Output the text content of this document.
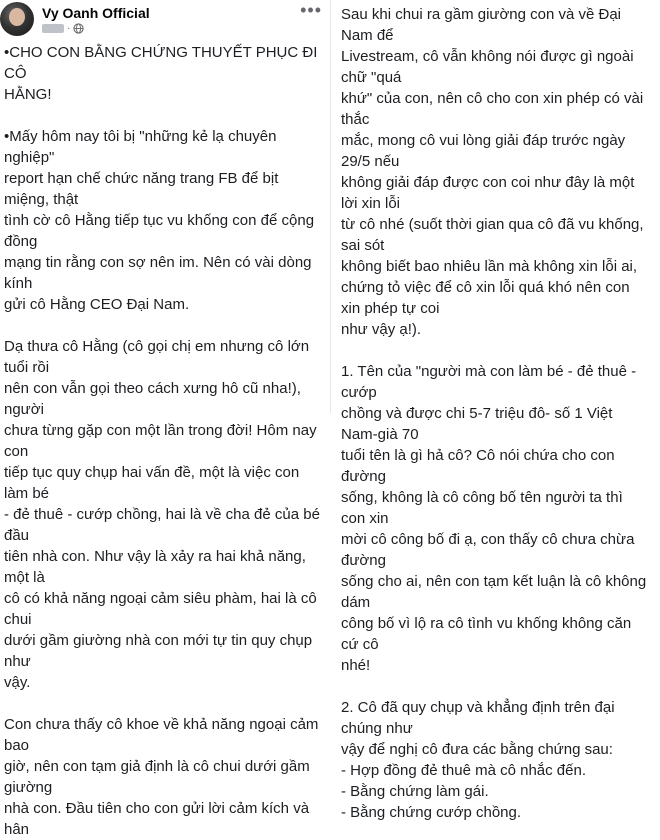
Vy Oanh Official
·
•••

•CHO CON BẰNG CHỨNG THUYẾT PHỤC ĐI CÔ
HẰNG!

•Mấy hôm nay tôi bị "những kẻ lạ chuyên nghiệp"
report hạn chế chức năng trang FB để bịt miệng, thật
tình cờ cô Hằng tiếp tục vu khống con để cộng đồng
mạng tin rằng con sợ nên im. Nên có vài dòng kính
gửi cô Hằng CEO Đại Nam.

Dạ thưa cô Hằng (cô gọi chị em nhưng cô lớn tuổi rồi
nên con vẫn gọi theo cách xưng hô cũ nha!), người
chưa từng gặp con một lần trong đời! Hôm nay con
tiếp tục quy chụp hai vấn đề, một là việc con làm bé
- đẻ thuê - cướp chồng, hai là về cha đẻ của bé đầu
tiên nhà con. Như vậy là xảy ra hai khả năng, một là
cô có khả năng ngoại cảm siêu phàm, hai là cô chui
dưới gầm giường nhà con mới tự tin quy chụp như
vậy.

Con chưa thấy cô khoe về khả năng ngoại cảm bao
giờ, nên con tạm giả định là cô chui dưới gầm giường
nhà con. Đầu tiên cho con gửi lời cảm kích và hân

Sau khi chui ra gầm giường con và về Đại Nam để
Livestream, cô vẫn không nói được gì ngoài chữ "quá
khứ" của con, nên cô cho con xin phép có vài thắc
mắc, mong cô vui lòng giải đáp trước ngày 29/5 nếu
không giải đáp được con coi như đây là một lời xin lỗi
từ cô nhé (suốt thời gian qua cô đã vu khống, sai sót
không biết bao nhiêu lần mà không xin lỗi ai,
chứng tỏ việc để cô xin lỗi quá khó nên con xin phép tự coi
như vậy ạ!).

1. Tên của "người mà con làm bé - đẻ thuê - cướp
chồng và được chi 5-7 triệu đô- số 1 Việt Nam-già 70
tuổi tên là gì hả cô? Cô nói chứa cho con đường
sống, không là cô công bố tên người ta thì con xin
mời cô công bố đi ạ, con thấy cô chưa chừa đường
sống cho ai, nên con tạm kết luận là cô không dám
công bố vì lộ ra cô tình vu khống không căn cứ cô
nhé!

2. Cô đã quy chụp và khẳng định trên đại chúng như
vậy để nghị cô đưa các bằng chứng sau:
- Hợp đồng đẻ thuê mà cô nhắc đến.
- Bằng chứng làm gái.
- Bằng chứng cướp chồng.
